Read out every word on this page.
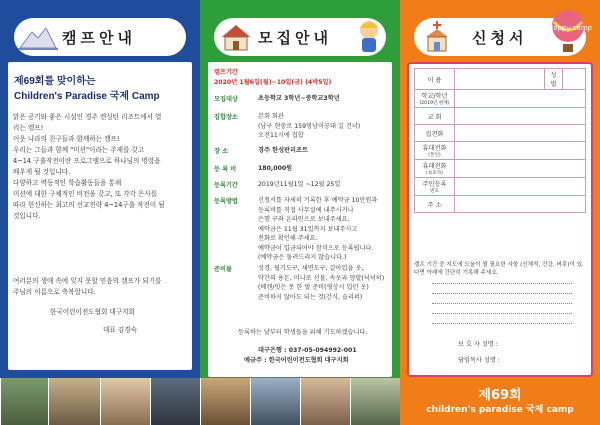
캠프안내
제69회를 맞이하는
Children's Paradise 국제 Camp
맑은 공기와 좋은 시설인 경주 켄싱턴 리조트에서 열
리는 캠프!
이웃 나라의 친구들과 함께하는 캠프!
우리는 그들과 함께 "미션"이라는 주제를 갖고
4~14 구출작전이란 프로그램으로 하나님의 명령을
배우게 될 것입니다.
다양하고 역동적인 학습활동들을 통해
미션에 대한 구체적인 비전을 갖고, 또 각각 은사를
따라 헌신하는 최고의 선교전략 4~14구출 작전이 될
것입니다.
여러분의 생애 속에 잊지 못할 믿음의 캠프가 되기를
주님의 이름으로 축복합니다.
한국어린이전도협회 대구지회
대표 김경숙
모집안내
캠프기간
2020년 1월6일(월)~10일(금) (4박5일)
모집대상	초등학교 3학년~중학교3학년
집합장소	본회 회관
(남구 현충로 159멍남이공대 길 건너)
오전11시에 집합
장 소	경주 한성판리조트
등 록 비	180,000원
등록기간	2019년11월1일 ~12월 25일
등록방법	신청서를 자세히 기록한 후 예약금 10만원과
등록비를 직접 사무실에 내주시거나
은행 구좌 온라인으로 보내주세요.
예약금은 11월 31일까지 보내주시고
전화로 확인해 주세요.
예약금이 입금되어야 참석으로 등록됩니다.
(예약금은 돌려드리지 않습니다.)
준비물	성경, 필기도구, 세면도구, 갈아입을 옷,
약간의 용돈, 미니또 선물, 속옷과 양말(넉넉히)
(베겐/잇은 못 한 벌 준비(평상시 입던 옷)
준비하지 않아도 되는 것(간식, 슬리퍼)
등록하는 날부터 학생들을 위해 기도하겠습니다.
대구은행 : 037-05-094992-001
예금주 : 한국어린이전도협회 대구지회
신청서
Happy camp
이 름		성별	

학교/학년
(2019년 현재)			

교 회			

집전화			

휴대전화
(본인)			

휴대전화
(보호자)			

주민등록
번호			

주 소			

캠프 기간 중 지도에 도움이 될 필요한 사항 (신체적, 건강, 버릇)이 있다면 아래에 간단히 기록해 주세요.
보 호 자 성명 :
담임목사 성명 :
제69회
children's paradise 국제 camp
